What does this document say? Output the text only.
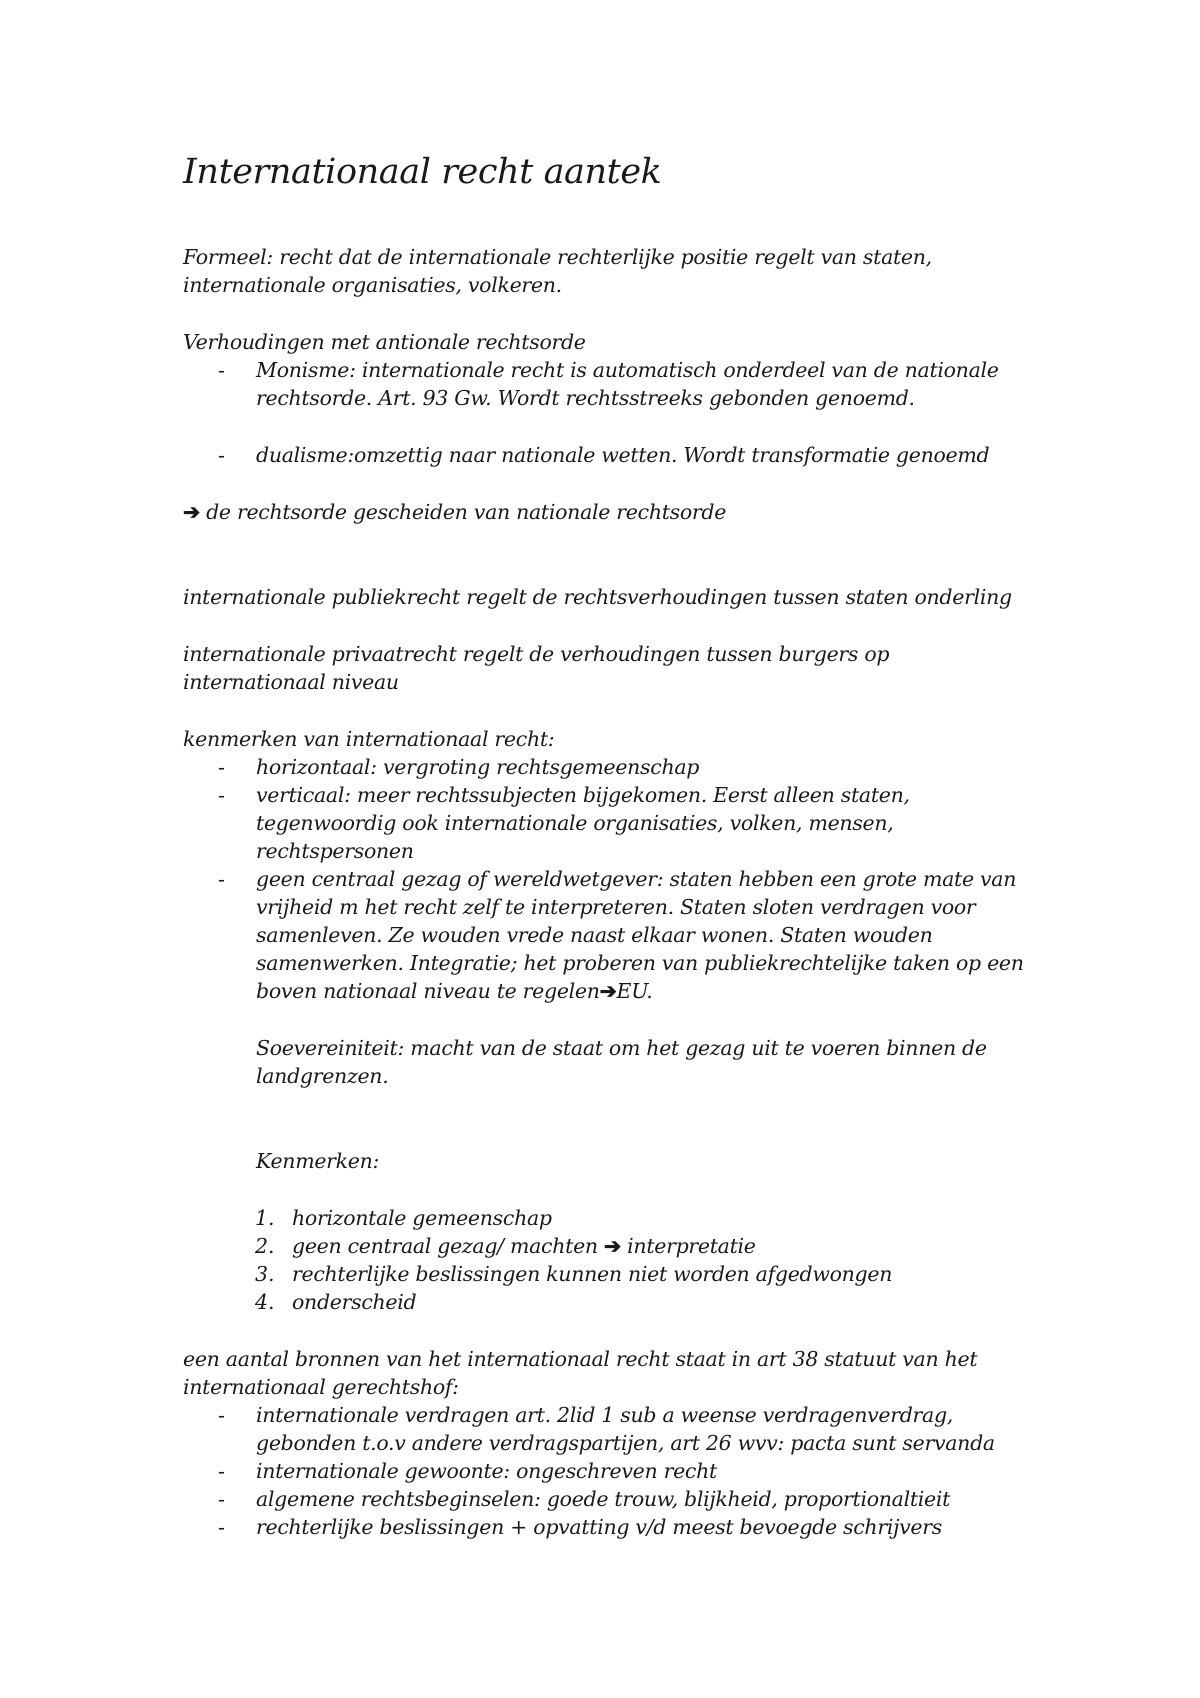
Internationaal recht aantek

Formeel: recht dat de internationale rechterlijke positie regelt van staten,

internationale organisaties, volkeren.

Verhoudingen met antionale rechtsorde

- Monisme: internationale recht is automatisch onderdeel van de nationale

rechtsorde. Art. 93 Gw. Wordt rechtsstreeks gebonden genoemd.

- dualisme:omzettig naar nationale wetten. Wordt transformatie genoemd

➔ de rechtsorde gescheiden van nationale rechtsorde

internationale publiekrecht regelt de rechtsverhoudingen tussen staten onderling

internationale privaatrecht regelt de verhoudingen tussen burgers op

internationaal niveau

kenmerken van internationaal recht:

- horizontaal: vergroting rechtsgemeenschap

- verticaal: meer rechtssubjecten bijgekomen. Eerst alleen staten,

tegenwoordig ook internationale organisaties, volken, mensen,

rechtspersonen

- geen centraal gezag of wereldwetgever: staten hebben een grote mate van

vrijheid m het recht zelf te interpreteren. Staten sloten verdragen voor

samenleven. Ze wouden vrede naast elkaar wonen. Staten wouden

samenwerken. Integratie; het proberen van publiekrechtelijke taken op een

boven nationaal niveau te regelen➔EU.

Soevereiniteit: macht van de staat om het gezag uit te voeren binnen de

landgrenzen.

Kenmerken:

1. horizontale gemeenschap

2. geen centraal gezag/ machten ➔ interpretatie

3. rechterlijke beslissingen kunnen niet worden afgedwongen

4. onderscheid

een aantal bronnen van het internationaal recht staat in art 38 statuut van het

internationaal gerechtshof:

- internationale verdragen art. 2lid 1 sub a weense verdragenverdrag,

gebonden t.o.v andere verdragspartijen, art 26 wvv: pacta sunt servanda

- internationale gewoonte: ongeschreven recht

- algemene rechtsbeginselen: goede trouw, blijkheid, proportionaltieit

- rechterlijke beslissingen + opvatting v/d meest bevoegde schrijvers
